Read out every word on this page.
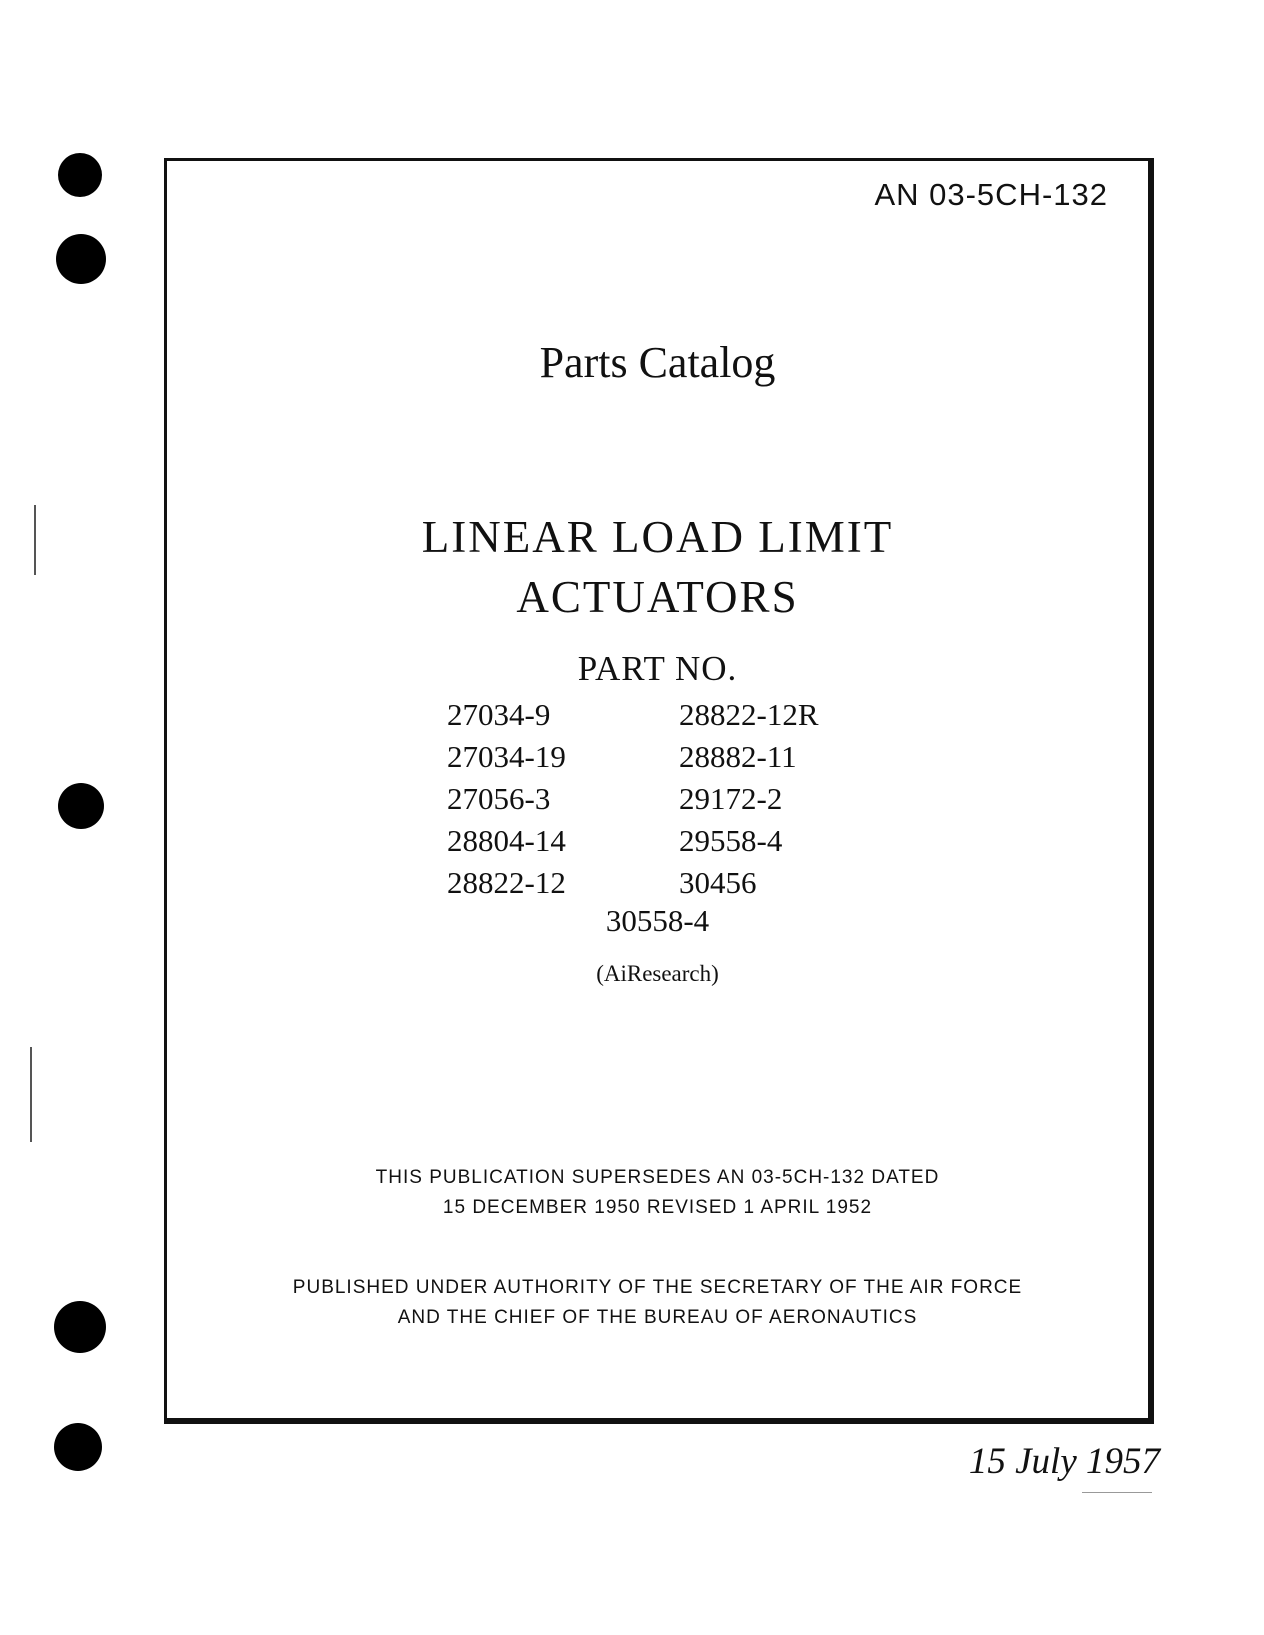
AN 03-5CH-132
Parts Catalog
LINEAR LOAD LIMIT
ACTUATORS
PART NO.
27034-9	28822-12R
27034-19	28882-11
27056-3	29172-2
28804-14	29558-4
28822-12	30456
30558-4
(AiResearch)
THIS PUBLICATION SUPERSEDES AN 03-5CH-132 DATED
15 DECEMBER 1950 REVISED 1 APRIL 1952
PUBLISHED UNDER AUTHORITY OF THE SECRETARY OF THE AIR FORCE
AND THE CHIEF OF THE BUREAU OF AERONAUTICS
15 July 1957
